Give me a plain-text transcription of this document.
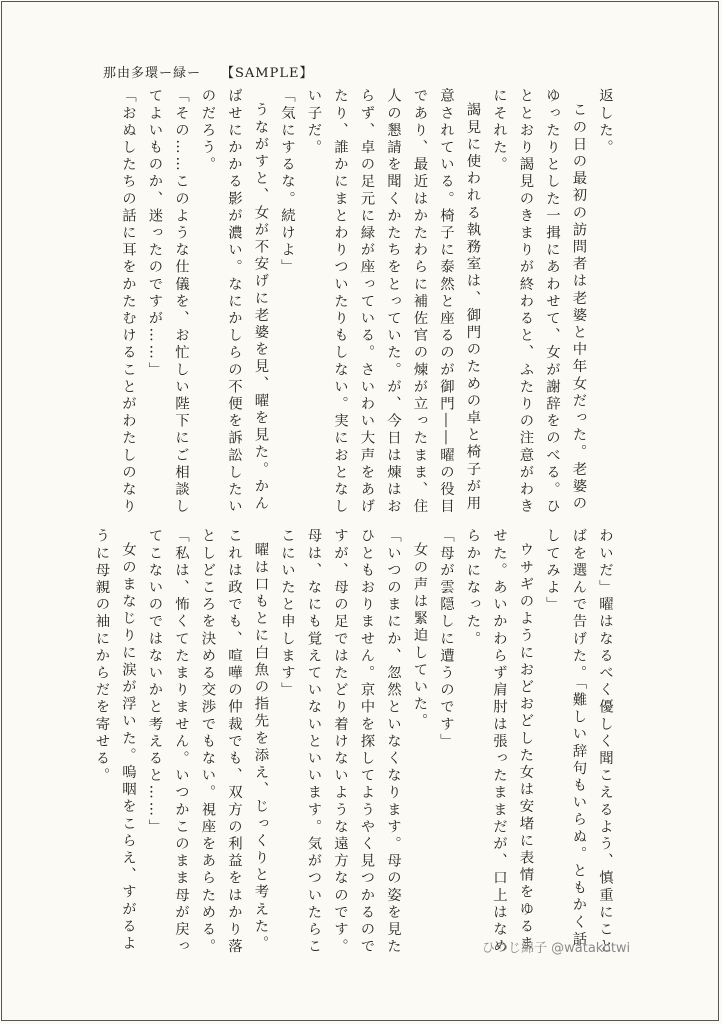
那由多環ー緑ー 【SAMPLE】
返した。
この日の最初の訪問者は老婆と中年女だった。老婆の
ゆったりとした一揖にあわせて、女が謝辞をのべる。ひ
ととおり謁見のきまりが終わると、ふたりの注意がわき
にそれた。
謁見に使われる執務室は、御門のための卓と椅子が用
意されている。椅子に泰然と座るのが御門――曜の役目
であり、最近はかたわらに補佐官の煉が立ったまま、住
人の懇請を聞くかたちをとっていた。が、今日は煉はお
らず、卓の足元に緑が座っている。さいわい大声をあげ
たり、誰かにまとわりついたりもしない。実におとなし
い子だ。
「気にするな。続けよ」
うながすと、女が不安げに老婆を見、曜を見た。かん
ばせにかかる影が濃い。なにかしらの不便を訴訟したい
のだろう。
「その……このような仕儀を、お忙しい陛下にご相談し
てよいものか、迷ったのですが……」
「おぬしたちの話に耳をかたむけることがわたしのなり
わいだ」曜はなるべく優しく聞こえるよう、慎重にこと
ばを選んで告げた。「難しい辞句もいらぬ。ともかく話
してみよ」
ウサギのようにおどおどした女は安堵に表情をゆるま
せた。あいかわらず肩肘は張ったままだが、口上はなめ
らかになった。
「母が雲隠しに遭うのです」
女の声は緊迫していた。
「いつのまにか、忽然といなくなります。母の姿を見た
ひともおりません。京中を探してようやく見つかるので
すが、母の足ではたどり着けないような遠方なのです。
母は、なにも覚えていないといいます。気がついたらこ
こにいたと申します」
曜は口もとに白魚の指先を添え、じっくりと考えた。
これは政でも、喧嘩の仲裁でも、双方の利益をはかり落
としどころを決める交渉でもない。視座をあらためる。
「私は、怖くてたまりません。いつかこのまま母が戻っ
てこないのではないかと考えると……」
女のまなじりに涙が浮いた。嗚咽をこらえ、すがるよ
うに母親の袖にからだを寄せる。
ひつじ綿子 @watakotwi
